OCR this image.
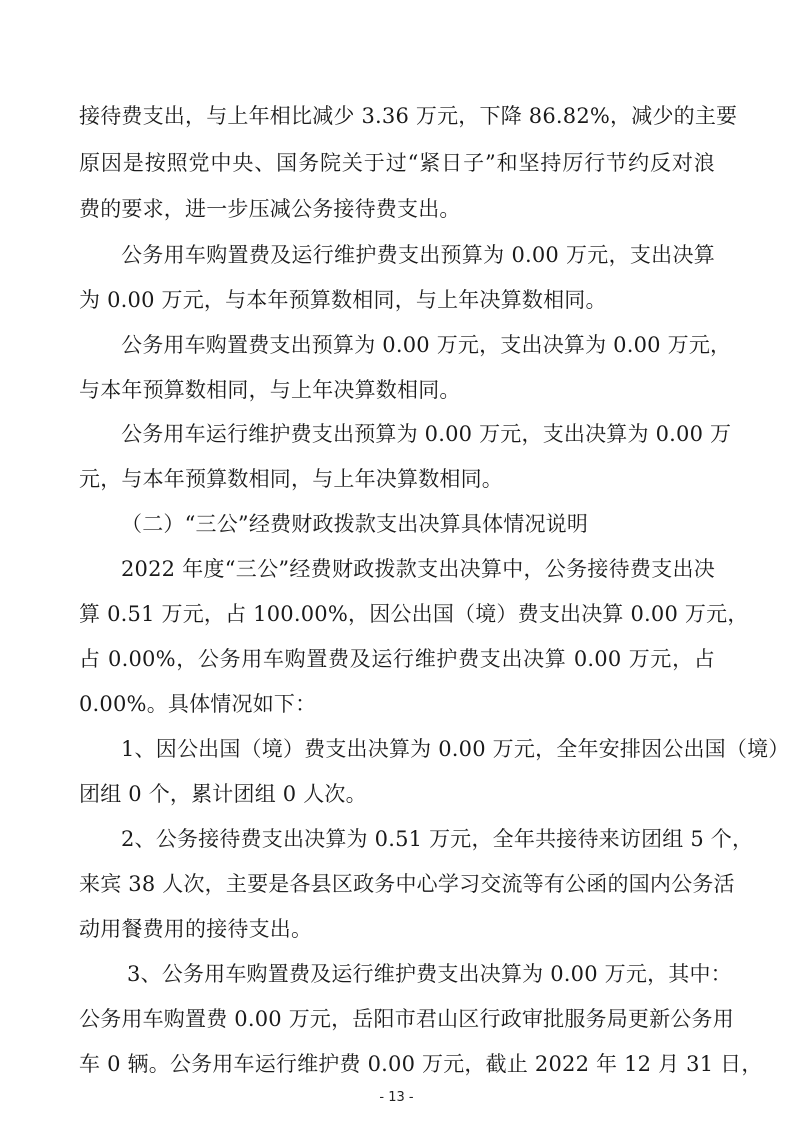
接待费支出，与上年相比减少 3.36 万元，下降 86.82%，减少的主要
原因是按照党中央、国务院关于过“紧日子”和坚持厉行节约反对浪
费的要求，进一步压减公务接待费支出。
公务用车购置费及运行维护费支出预算为 0.00 万元，支出决算
为 0.00 万元，与本年预算数相同，与上年决算数相同。
公务用车购置费支出预算为 0.00 万元，支出决算为 0.00 万元，
与本年预算数相同，与上年决算数相同。
公务用车运行维护费支出预算为 0.00 万元，支出决算为 0.00 万
元，与本年预算数相同，与上年决算数相同。
（二）“三公”经费财政拨款支出决算具体情况说明
2022 年度“三公”经费财政拨款支出决算中，公务接待费支出决
算 0.51 万元，占 100.00%，因公出国（境）费支出决算 0.00 万元，
占 0.00%，公务用车购置费及运行维护费支出决算 0.00 万元，占
0.00%。具体情况如下：
1、因公出国（境）费支出决算为 0.00 万元，全年安排因公出国（境）
团组 0 个，累计团组 0 人次。
2、公务接待费支出决算为 0.51 万元，全年共接待来访团组 5 个，
来宾 38 人次，主要是各县区政务中心学习交流等有公函的国内公务活
动用餐费用的接待支出。
3、公务用车购置费及运行维护费支出决算为 0.00 万元，其中：
公务用车购置费 0.00 万元，岳阳市君山区行政审批服务局更新公务用
车 0 辆。公务用车运行维护费 0.00 万元，截止 2022 年 12 月 31 日，
- 13 -
